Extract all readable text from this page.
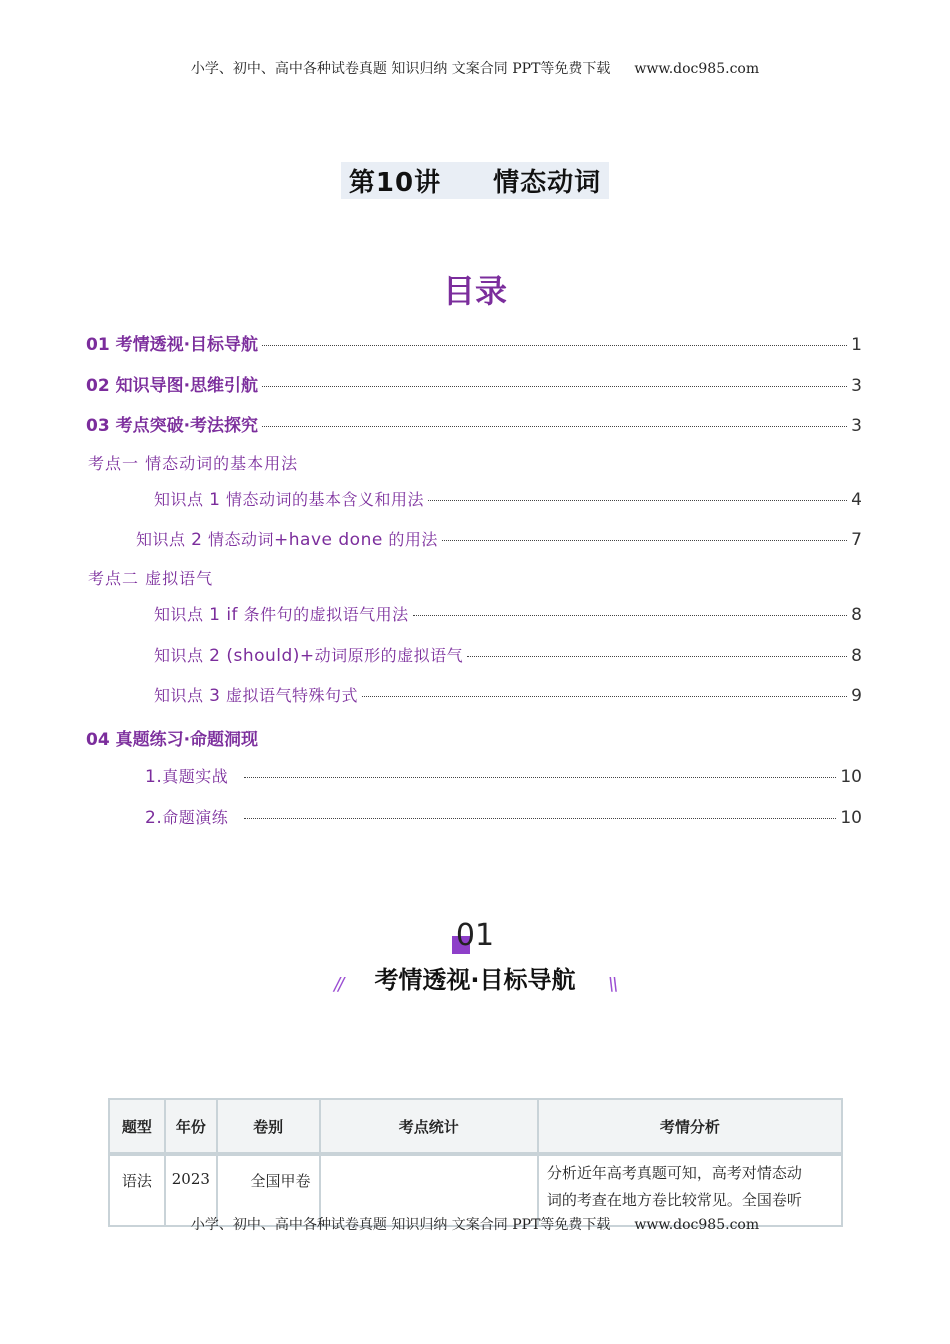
小学、初中、高中各种试卷真题 知识归纳 文案合同 PPT等免费下载 www.doc985.com
第10讲 情态动词
目录
01 考情透视·目标导航	1
02 知识导图·思维引航	3
03 考点突破·考法探究	3
考点一 情态动词的基本用法
知识点 1 情态动词的基本含义和用法	4
知识点 2 情态动词+have done 的用法	7
考点二 虚拟语气
知识点 1 if 条件句的虚拟语气用法	8
知识点 2 (should)+动词原形的虚拟语气	8
知识点 3 虚拟语气特殊句式	9
04 真题练习·命题洞现
1.真题实战	10
2.命题演练	10
01
考情透视·目标导航
//	\\
题型	年份	卷别	考点统计	考情分析
语法	2023	全国甲卷		分析近年高考真题可知，高考对情态动
词的考查在地方卷比较常见。全国卷听
小学、初中、高中各种试卷真题 知识归纳 文案合同 PPT等免费下载 www.doc985.com
